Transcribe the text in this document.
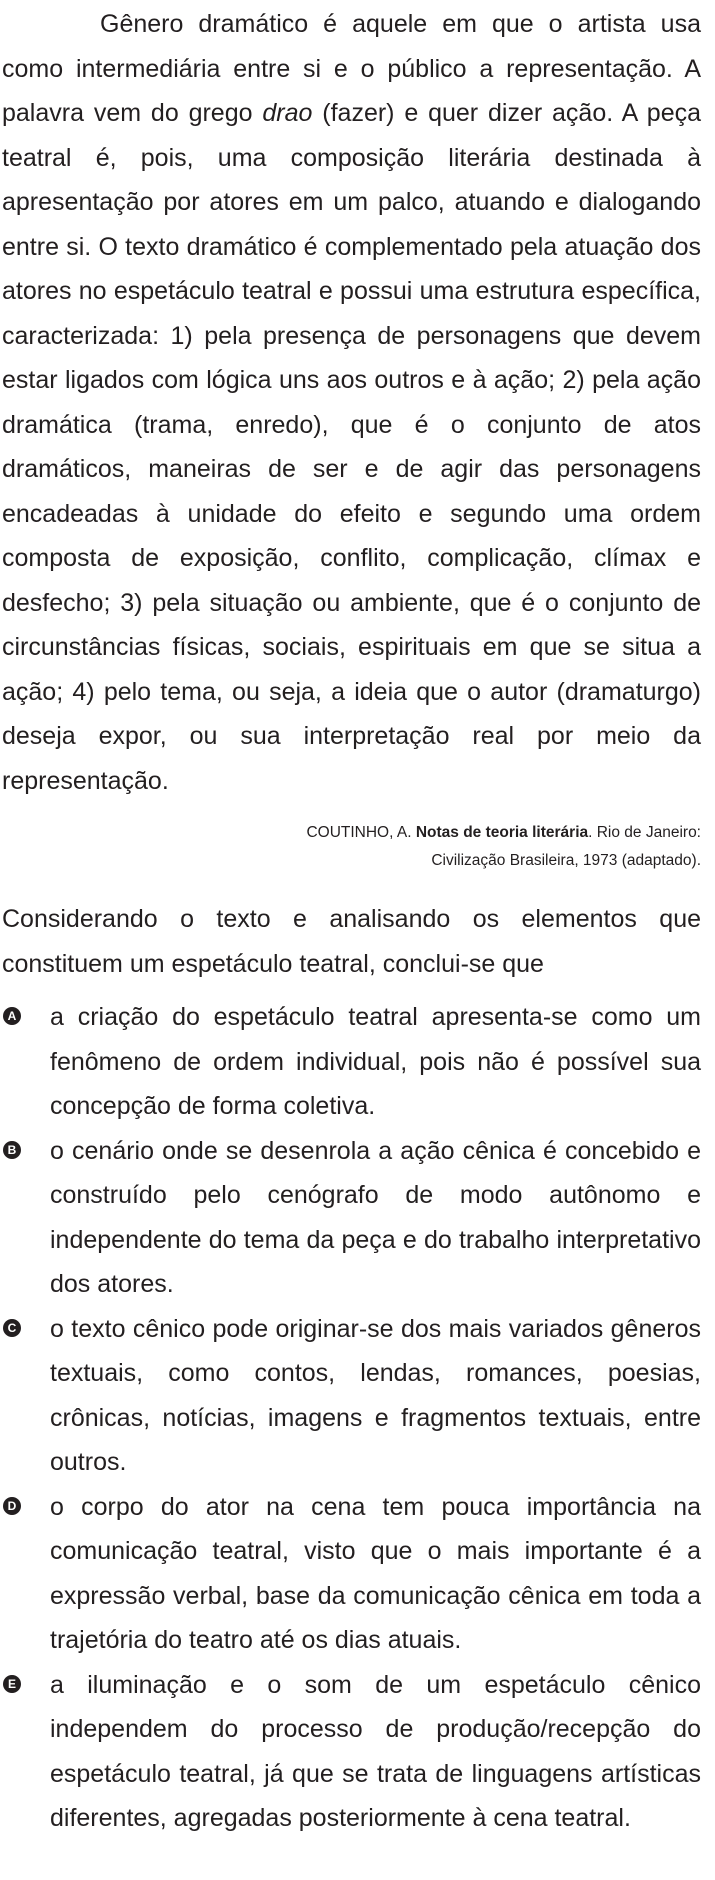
Gênero dramático é aquele em que o artista usa como intermediária entre si e o público a representação. A palavra vem do grego drao (fazer) e quer dizer ação. A peça teatral é, pois, uma composição literária destinada à apresentação por atores em um palco, atuando e dialogando entre si. O texto dramático é complementado pela atuação dos atores no espetáculo teatral e possui uma estrutura específica, caracterizada: 1) pela presença de personagens que devem estar ligados com lógica uns aos outros e à ação; 2) pela ação dramática (trama, enredo), que é o conjunto de atos dramáticos, maneiras de ser e de agir das personagens encadeadas à unidade do efeito e segundo uma ordem composta de exposição, conflito, complicação, clímax e desfecho; 3) pela situação ou ambiente, que é o conjunto de circunstâncias físicas, sociais, espirituais em que se situa a ação; 4) pelo tema, ou seja, a ideia que o autor (dramaturgo) deseja expor, ou sua interpretação real por meio da representação.

COUTINHO, A. Notas de teoria literária. Rio de Janeiro:
Civilização Brasileira, 1973 (adaptado).

Considerando o texto e analisando os elementos que constituem um espetáculo teatral, conclui-se que

A a criação do espetáculo teatral apresenta-se como um fenômeno de ordem individual, pois não é possível sua concepção de forma coletiva.
B o cenário onde se desenrola a ação cênica é concebido e construído pelo cenógrafo de modo autônomo e independente do tema da peça e do trabalho interpretativo dos atores.
C o texto cênico pode originar-se dos mais variados gêneros textuais, como contos, lendas, romances, poesias, crônicas, notícias, imagens e fragmentos textuais, entre outros.
D o corpo do ator na cena tem pouca importância na comunicação teatral, visto que o mais importante é a expressão verbal, base da comunicação cênica em toda a trajetória do teatro até os dias atuais.
E a iluminação e o som de um espetáculo cênico independem do processo de produção/recepção do espetáculo teatral, já que se trata de linguagens artísticas diferentes, agregadas posteriormente à cena teatral.
